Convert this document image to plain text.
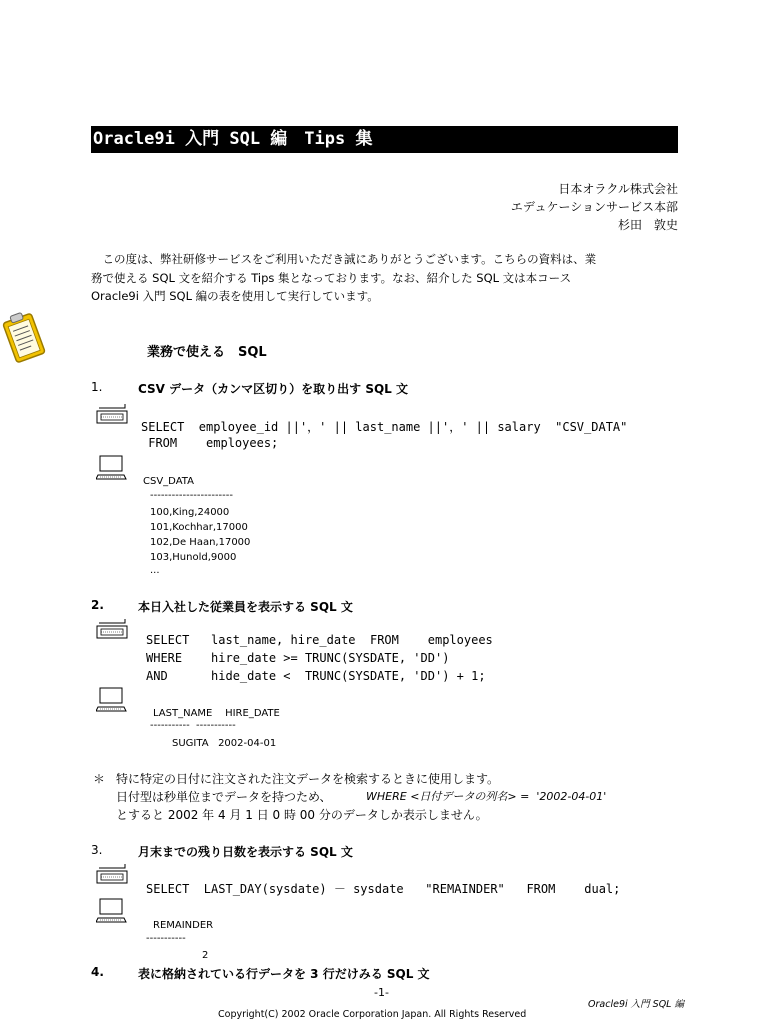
Oracle9i 入門 SQL 編　Tips 集
日本オラクル株式会社
エデュケーションサービス本部
杉田　敦史
　この度は、弊社研修サービスをご利用いただき誠にありがとうございます。こちらの資料は、業
務で使える SQL 文を紹介する Tips 集となっております。なお、紹介した SQL 文は本コース
Oracle9i 入門 SQL 編の表を使用して実行しています。
業務で使える　SQL
1.	CSV データ（カンマ区切り）を取り出す SQL 文
SELECT  employee_id ||'，' || last_name ||'，' || salary  "CSV_DATA"
FROM    employees;
CSV_DATA
-----------------------
100,King,24000
101,Kochhar,17000
102,De Haan,17000
103,Hunold,9000
...
2.	本日入社した従業員を表示する SQL 文
SELECT   last_name, hire_date  FROM    employees
WHERE    hire_date >= TRUNC(SYSDATE, 'DD')
AND      hide_date <  TRUNC(SYSDATE, 'DD') + 1;
LAST_NAME    HIRE_DATE
-----------  -----------
SUGITA   2002-04-01
＊ 特に特定の日付に注文された注文データを検索するときに使用します。
日付型は秒単位までデータを持つため、	WHERE <日付データの列名> =  '2002-04-01'
とすると 2002 年 4 月 1 日 0 時 00 分のデータしか表示しません。
3.	月末までの残り日数を表示する SQL 文
SELECT  LAST_DAY(sysdate) － sysdate   "REMAINDER"   FROM    dual;
REMAINDER
-----------
2
4.	表に格納されている行データを 3 行だけみる SQL 文
-1-
Oracle9i 入門 SQL 編
Copyright(C) 2002 Oracle Corporation Japan. All Rights Reserved
